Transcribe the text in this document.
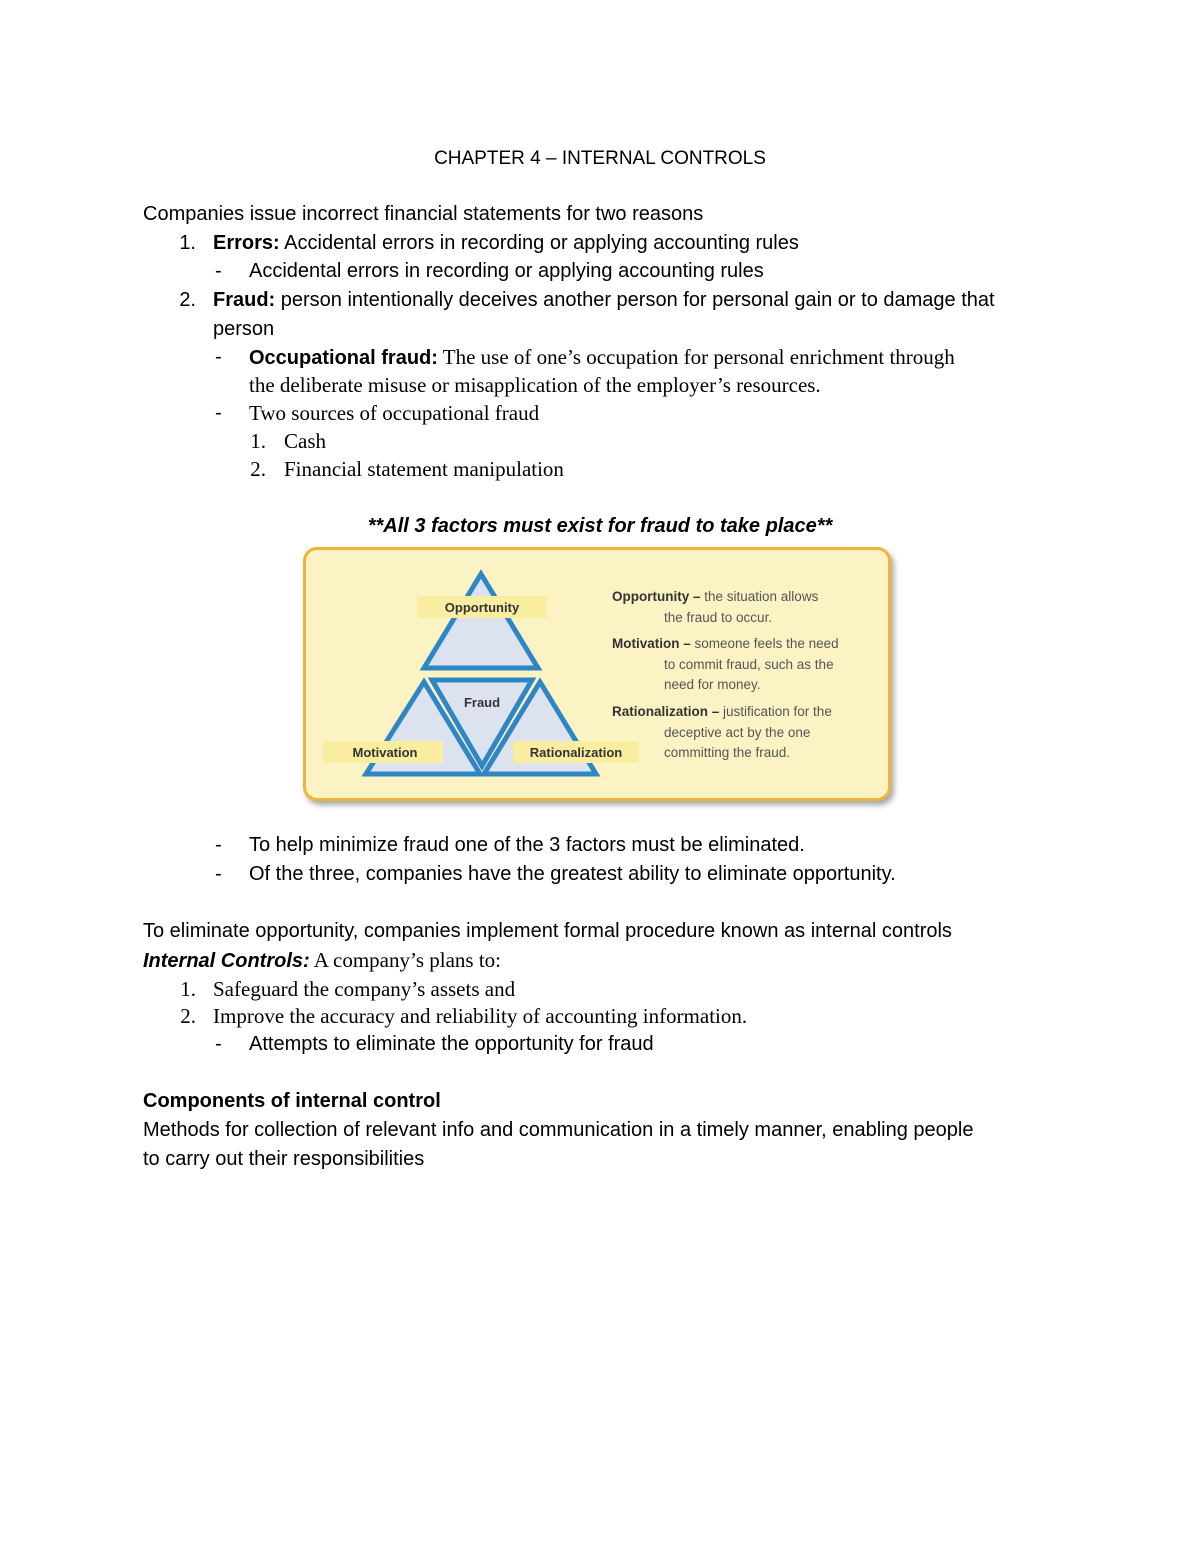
CHAPTER 4 – INTERNAL CONTROLS
Companies issue incorrect financial statements for two reasons
1. Errors: Accidental errors in recording or applying accounting rules
- Accidental errors in recording or applying accounting rules
2. Fraud: person intentionally deceives another person for personal gain or to damage that
person
- Occupational fraud: The use of one’s occupation for personal enrichment through
the deliberate misuse or misapplication of the employer’s resources.
- Two sources of occupational fraud
1. Cash
2. Financial statement manipulation
**All 3 factors must exist for fraud to take place**
Opportunity
Fraud
Motivation	Rationalization
Opportunity – the situation allows
the fraud to occur.
Motivation – someone feels the need
to commit fraud, such as the
need for money.
Rationalization – justification for the
deceptive act by the one
committing the fraud.
- To help minimize fraud one of the 3 factors must be eliminated.
- Of the three, companies have the greatest ability to eliminate opportunity.
To eliminate opportunity, companies implement formal procedure known as internal controls
Internal Controls: A company’s plans to:
1. Safeguard the company’s assets and
2. Improve the accuracy and reliability of accounting information.
- Attempts to eliminate the opportunity for fraud
Components of internal control
Methods for collection of relevant info and communication in a timely manner, enabling people
to carry out their responsibilities
